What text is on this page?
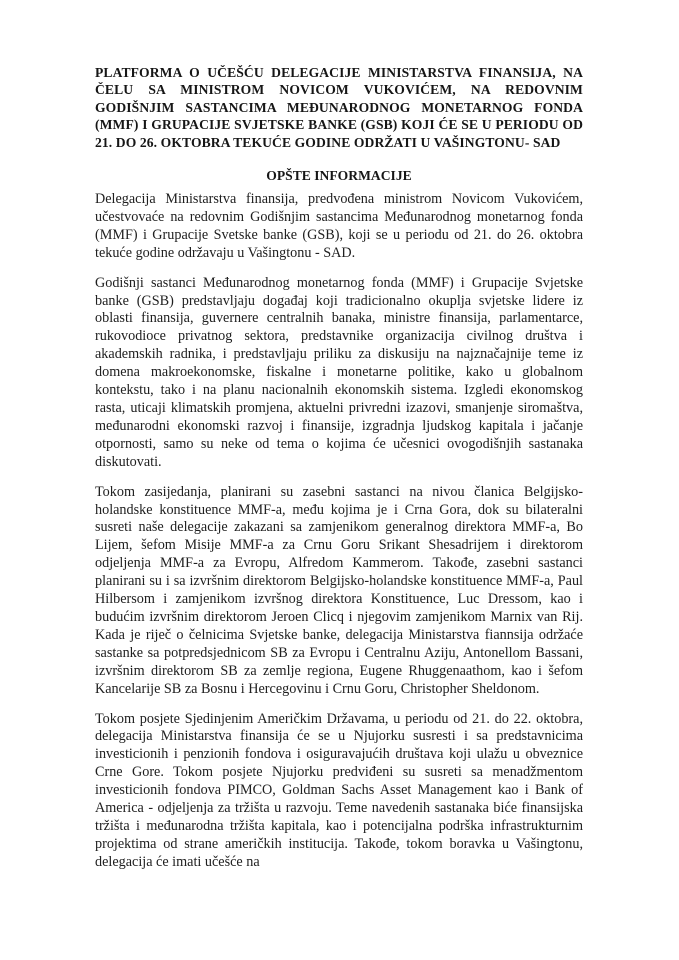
PLATFORMA O UČEŠĆU DELEGACIJE MINISTARSTVA FINANSIJA, NA ČELU SA MINISTROM NOVICOM VUKOVIĆEM, NA REDOVNIM GODIŠNJIM SASTANCIMA MEĐUNARODNOG MONETARNOG FONDA (MMF) I GRUPACIJE SVJETSKE BANKE (GSB) KOJI ĆE SE U PERIODU OD 21. DO 26. OKTOBRA TEKUĆE GODINE ODRŽATI U VAŠINGTONU- SAD
OPŠTE INFORMACIJE

Delegacija Ministarstva finansija, predvođena ministrom Novicom Vukovićem, učestvovaće na redovnim Godišnjim sastancima Međunarodnog monetarnog fonda (MMF) i Grupacije Svetske banke (GSB), koji se u periodu od 21. do 26. oktobra tekuće godine održavaju u Vašingtonu - SAD.

Godišnji sastanci Međunarodnog monetarnog fonda (MMF) i Grupacije Svjetske banke (GSB) predstavljaju događaj koji tradicionalno okuplja svjetske lidere iz oblasti finansija, guvernere centralnih banaka, ministre finansija, parlamentarce, rukovodioce privatnog sektora, predstavnike organizacija civilnog društva i akademskih radnika, i predstavljaju priliku za diskusiju na najznačajnije teme iz domena makroekonomske, fiskalne i monetarne politike, kako u globalnom kontekstu, tako i na planu nacionalnih ekonomskih sistema. Izgledi ekonomskog rasta, uticaji klimatskih promjena, aktuelni privredni izazovi, smanjenje siromaštva, međunarodni ekonomski razvoj i finansije, izgradnja ljudskog kapitala i jačanje otpornosti, samo su neke od tema o kojima će učesnici ovogodišnjih sastanaka diskutovati.

Tokom zasijedanja, planirani su zasebni sastanci na nivou članica Belgijsko-holandske konstituence MMF-a, među kojima je i Crna Gora, dok su bilateralni susreti naše delegacije zakazani sa zamjenikom generalnog direktora MMF-a, Bo Lijem, šefom Misije MMF-a za Crnu Goru Srikant Shesadrijem i direktorom odjeljenja MMF-a za Evropu, Alfredom Kammerom. Takođe, zasebni sastanci planirani su i sa izvršnim direktorom Belgijsko-holandske konstituence MMF-a, Paul Hilbersom i zamjenikom izvršnog direktora Konstituence, Luc Dressom, kao i budućim izvršnim direktorom Jeroen Clicq i njegovim zamjenikom Marnix van Rij. Kada je riječ o čelnicima Svjetske banke, delegacija Ministarstva fiannsija održaće sastanke sa potpredsjednicom SB za Evropu i Centralnu Aziju, Antonellom Bassani, izvršnim direktorom SB za zemlje regiona, Eugene Rhuggenaathom, kao i šefom Kancelarije SB za Bosnu i Hercegovinu i Crnu Goru, Christopher Sheldonom.

Tokom posjete Sjedinjenim Američkim Državama, u periodu od 21. do 22. oktobra, delegacija Ministarstva finansija će se u Njujorku susresti i sa predstavnicima investicionih i penzionih fondova i osiguravajućih društava koji ulažu u obveznice Crne Gore. Tokom posjete Njujorku predviđeni su susreti sa menadžmentom investicionih fondova PIMCO, Goldman Sachs Asset Management kao i Bank of America - odjeljenja za tržišta u razvoju. Teme navedenih sastanaka biće finansijska tržišta i međunarodna tržišta kapitala, kao i potencijalna podrška infrastrukturnim projektima od strane američkih institucija. Takođe, tokom boravka u Vašingtonu, delegacija će imati učešće na
